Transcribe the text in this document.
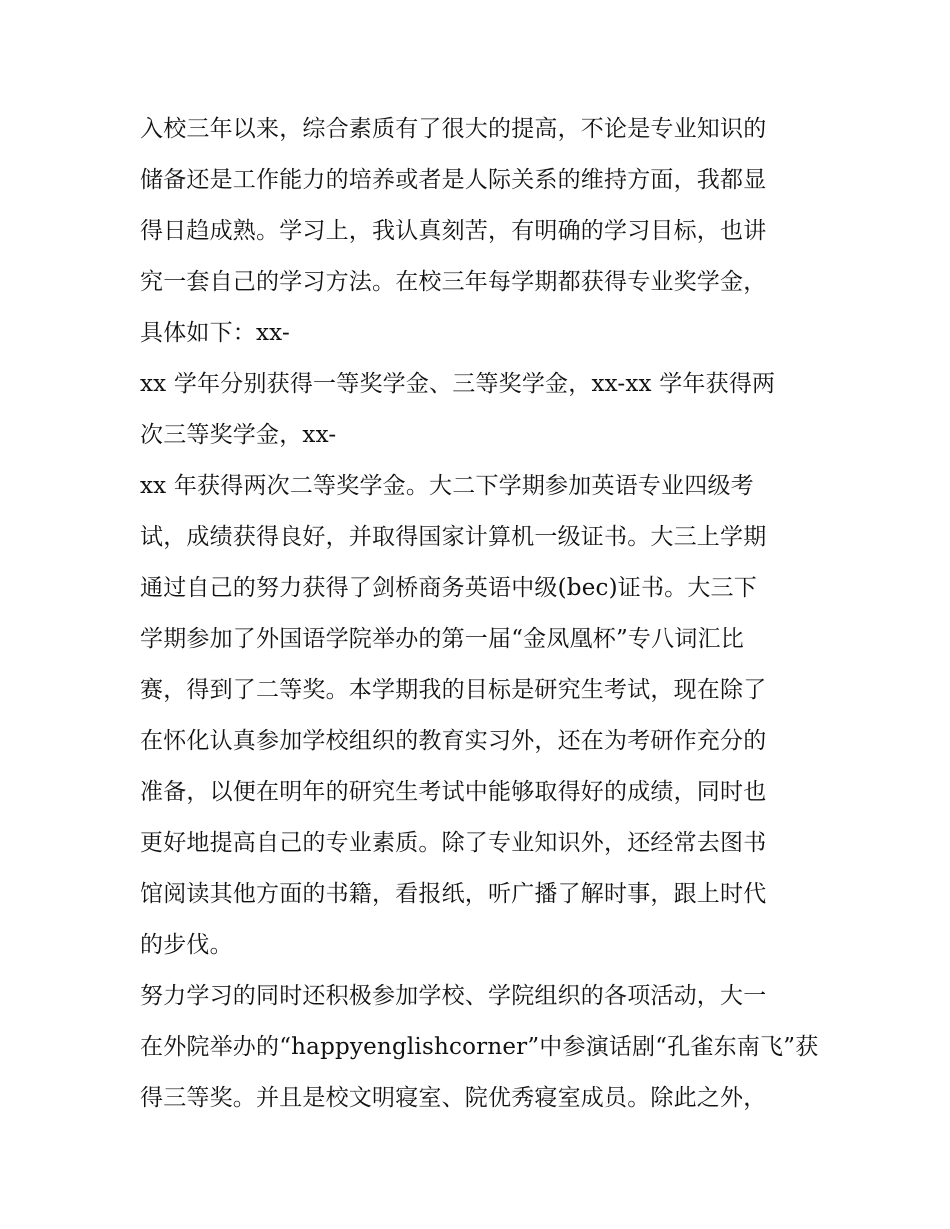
入校三年以来，综合素质有了很大的提高，不论是专业知识的
储备还是工作能力的培养或者是人际关系的维持方面，我都显
得日趋成熟。学习上，我认真刻苦，有明确的学习目标，也讲
究一套自己的学习方法。在校三年每学期都获得专业奖学金，
具体如下：xx-
xx 学年分别获得一等奖学金、三等奖学金，xx-xx 学年获得两
次三等奖学金，xx-
xx 年获得两次二等奖学金。大二下学期参加英语专业四级考
试，成绩获得良好，并取得国家计算机一级证书。大三上学期
通过自己的努力获得了剑桥商务英语中级(bec)证书。大三下
学期参加了外国语学院举办的第一届“金凤凰杯”专八词汇比
赛，得到了二等奖。本学期我的目标是研究生考试，现在除了
在怀化认真参加学校组织的教育实习外，还在为考研作充分的
准备，以便在明年的研究生考试中能够取得好的成绩，同时也
更好地提高自己的专业素质。除了专业知识外，还经常去图书
馆阅读其他方面的书籍，看报纸，听广播了解时事，跟上时代
的步伐。
努力学习的同时还积极参加学校、学院组织的各项活动，大一
在外院举办的“happyenglishcorner”中参演话剧“孔雀东南飞”获
得三等奖。并且是校文明寝室、院优秀寝室成员。除此之外，
